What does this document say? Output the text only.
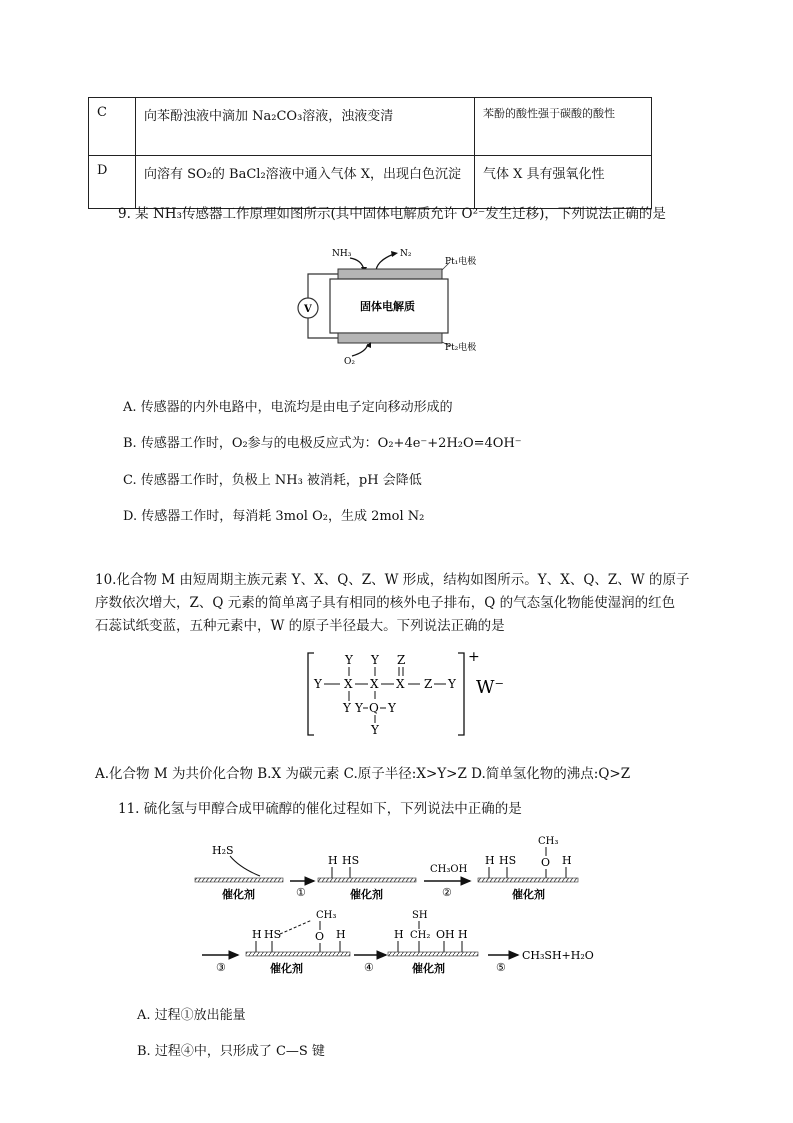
C	向苯酚浊液中滴加 Na₂CO₃溶液，浊液变清	苯酚的酸性强于碳酸的酸性
D	向溶有 SO₂的 BaCl₂溶液中通入气体 X，出现白色沉淀	气体 X 具有强氧化性
9. 某 NH₃传感器工作原理如图所示(其中固体电解质允许 O²⁻发生迁移)，下列说法正确的是
NH₃	N₂
固体电解质
Pt₁电极
Pt₂电极
V
O₂
A. 传感器的内外电路中，电流均是由电子定向移动形成的
B. 传感器工作时，O₂参与的电极反应式为：O₂+4e⁻+2H₂O=4OH⁻
C. 传感器工作时，负极上 NH₃ 被消耗，pH 会降低
D. 传感器工作时，每消耗 3mol O₂，生成 2mol N₂
10.化合物 M 由短周期主族元素 Y、X、Q、Z、W 形成，结构如图所示。Y、X、Q、Z、W 的原子
序数依次增大，Z、Q 元素的简单离子具有相同的核外电子排布，Q 的气态氢化物能使湿润的红色
石蕊试纸变蓝，五种元素中，W 的原子半径最大。下列说法正确的是
+
W⁻
Y Y Z
Y X X X Z Y
Y Y Q Y
Y
A.化合物 M 为共价化合物 B.X 为碳元素 C.原子半径:X>Y>Z D.简单氢化物的沸点:Q>Z
11. 硫化氢与甲醇合成甲硫醇的催化过程如下，下列说法中正确的是
H₂S
催化剂	①
H HS
催化剂
CH₃OH
②
CH₃
H HS O H
催化剂
③
CH₃
H HS	O H
催化剂	④
SH
H CH₂ OH H
催化剂	⑤
CH₃SH+H₂O
A. 过程①放出能量
B. 过程④中，只形成了 C—S 键
